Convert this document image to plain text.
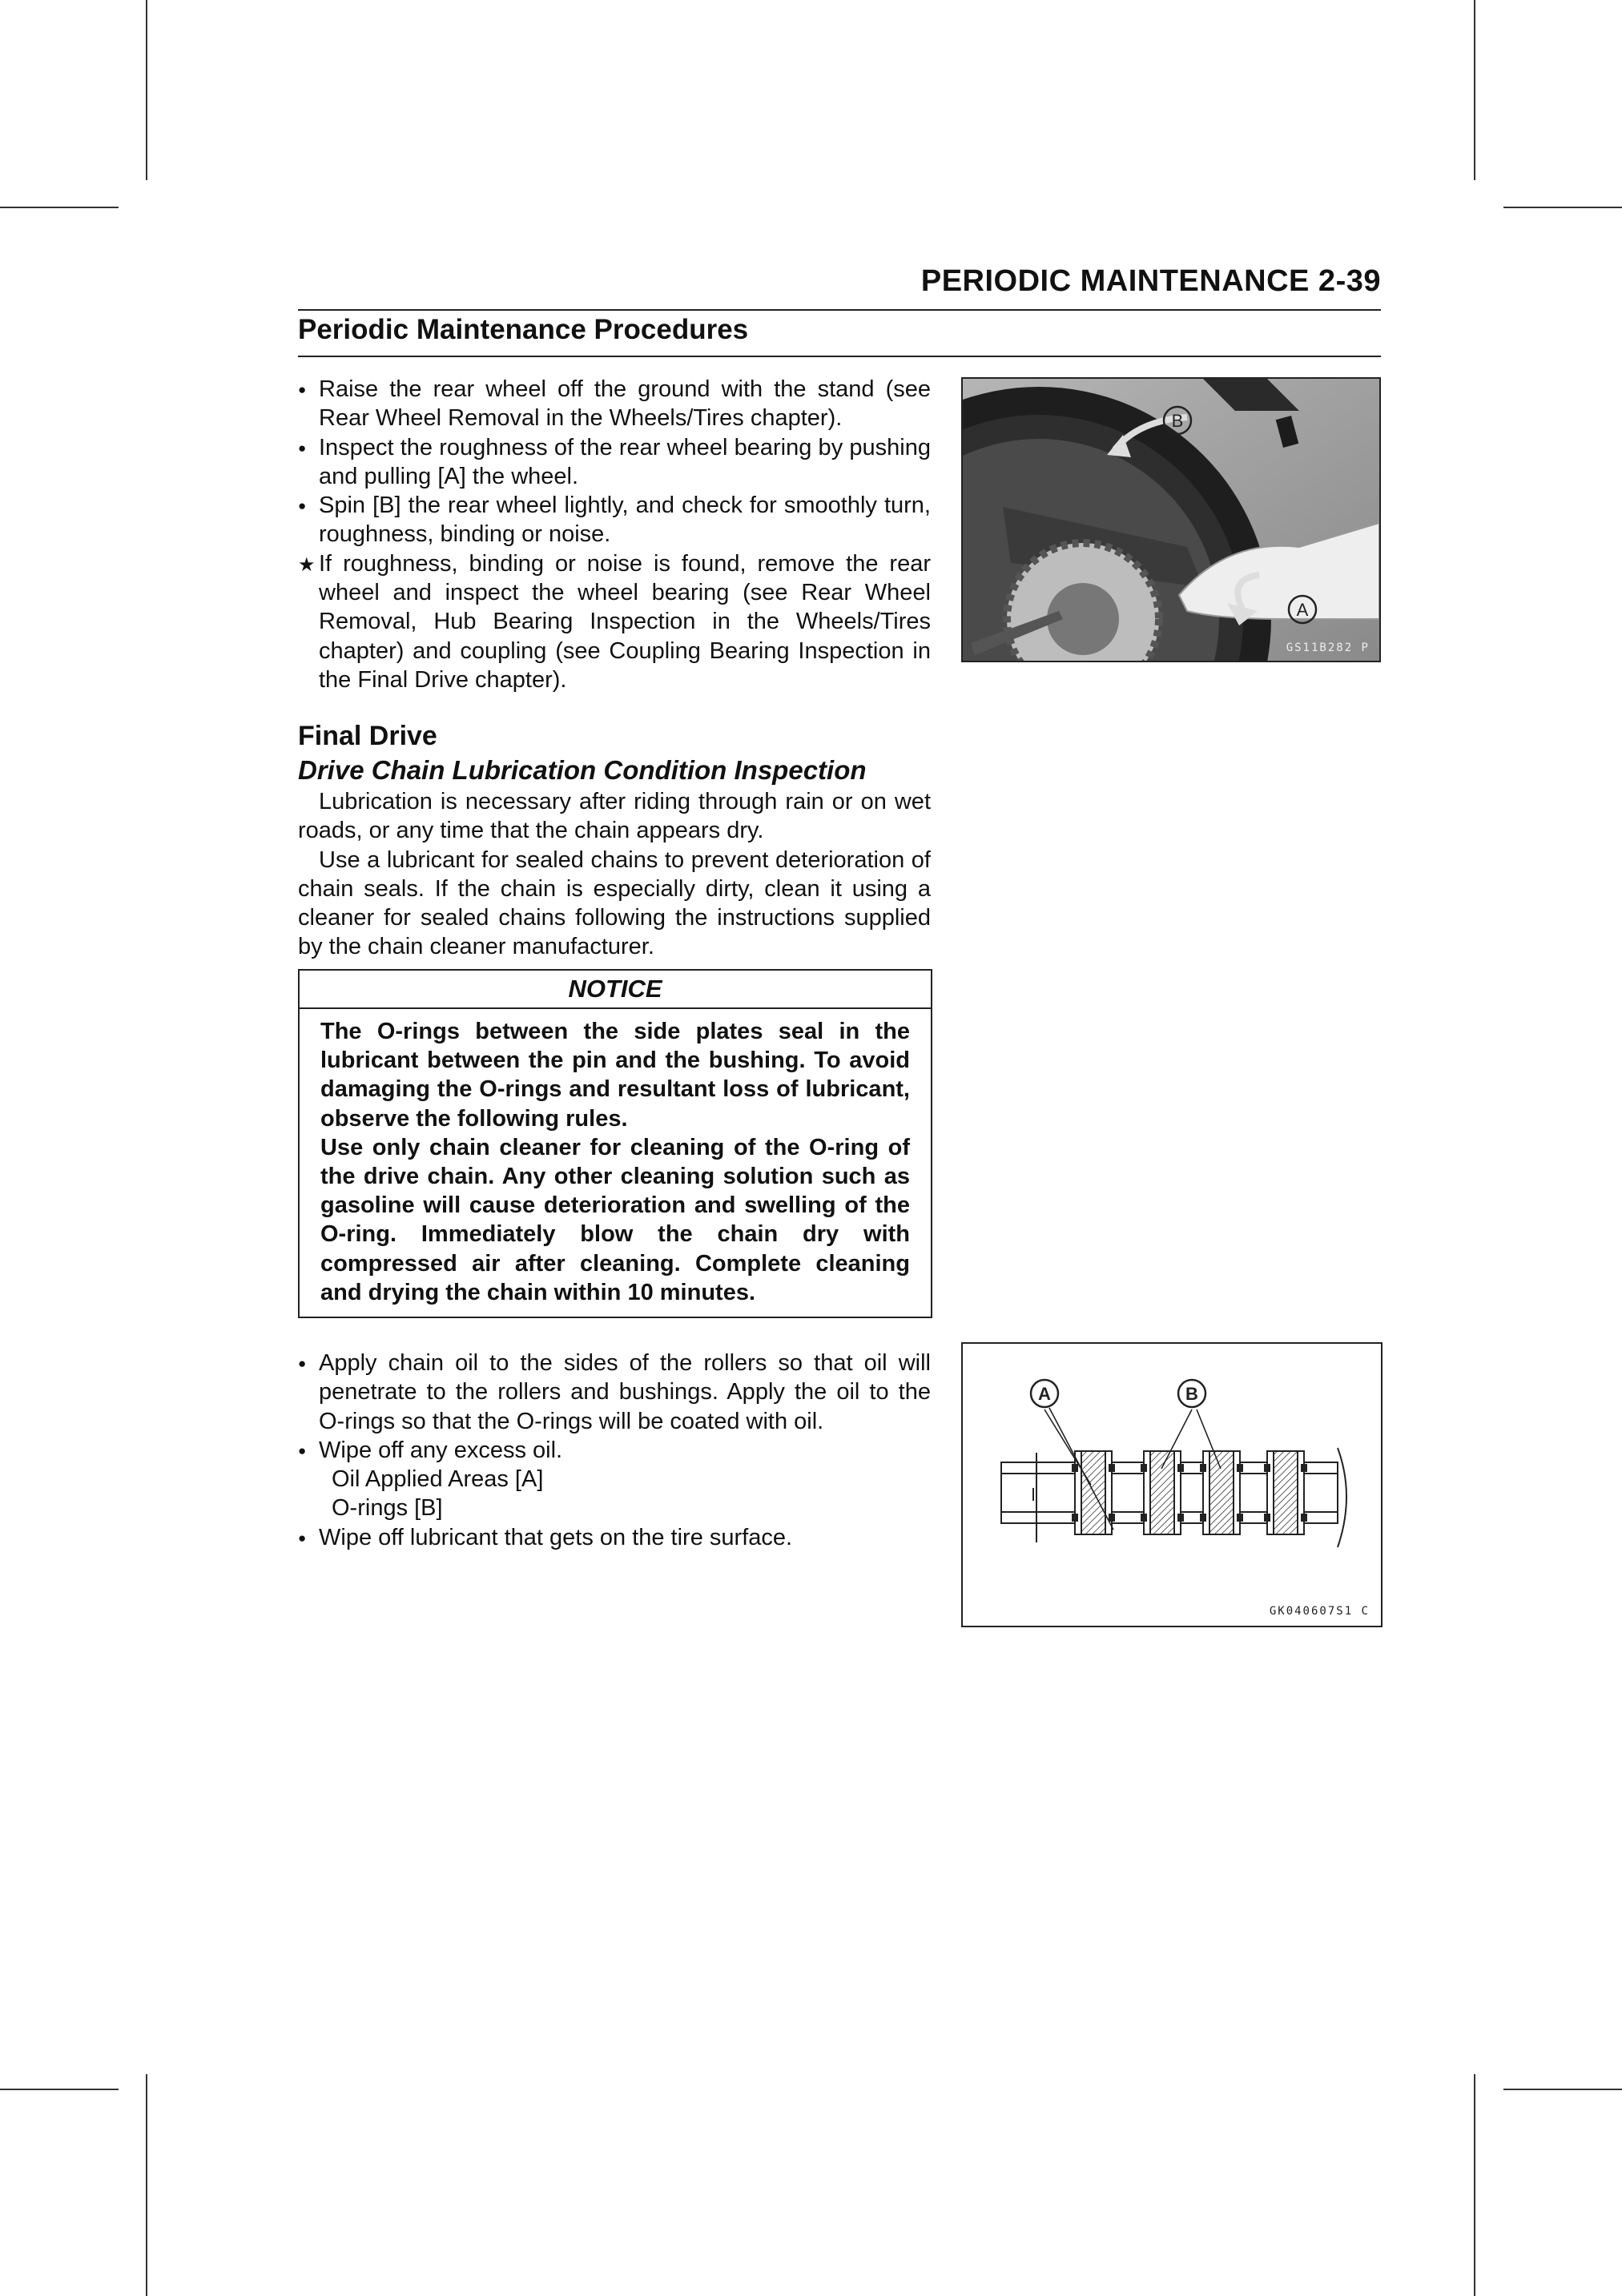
PERIODIC MAINTENANCE 2-39
Periodic Maintenance Procedures
●
Raise the rear wheel off the ground with the stand (see Rear Wheel Removal in the Wheels/Tires chapter).
●
Inspect the roughness of the rear wheel bearing by pushing and pulling [A] the wheel.
●
Spin [B] the rear wheel lightly, and check for smoothly turn, roughness, binding or noise.
★
If roughness, binding or noise is found, remove the rear wheel and inspect the wheel bearing (see Rear Wheel Removal, Hub Bearing Inspection in the Wheels/Tires chapter) and coupling (see Coupling Bearing Inspection in the Final Drive chapter).
B
A
GS11B282 P
Final Drive
Drive Chain Lubrication Condition Inspection
Lubrication is necessary after riding through rain or on wet roads, or any time that the chain appears dry.
Use a lubricant for sealed chains to prevent deterioration of chain seals. If the chain is especially dirty, clean it using a cleaner for sealed chains following the instructions supplied by the chain cleaner manufacturer.
NOTICE
The O-rings between the side plates seal in the lubricant between the pin and the bushing. To avoid damaging the O-rings and resultant loss of lubricant, observe the following rules.
Use only chain cleaner for cleaning of the O-ring of the drive chain. Any other cleaning solution such as gasoline will cause deterioration and swelling of the O-ring. Immediately blow the chain dry with compressed air after cleaning. Complete cleaning and drying the chain within 10 minutes.
●
Apply chain oil to the sides of the rollers so that oil will penetrate to the rollers and bushings. Apply the oil to the O-rings so that the O-rings will be coated with oil.
●
Wipe off any excess oil.
Oil Applied Areas [A]
O-rings [B]
●
Wipe off lubricant that gets on the tire surface.
A	B
GK040607S1 C
